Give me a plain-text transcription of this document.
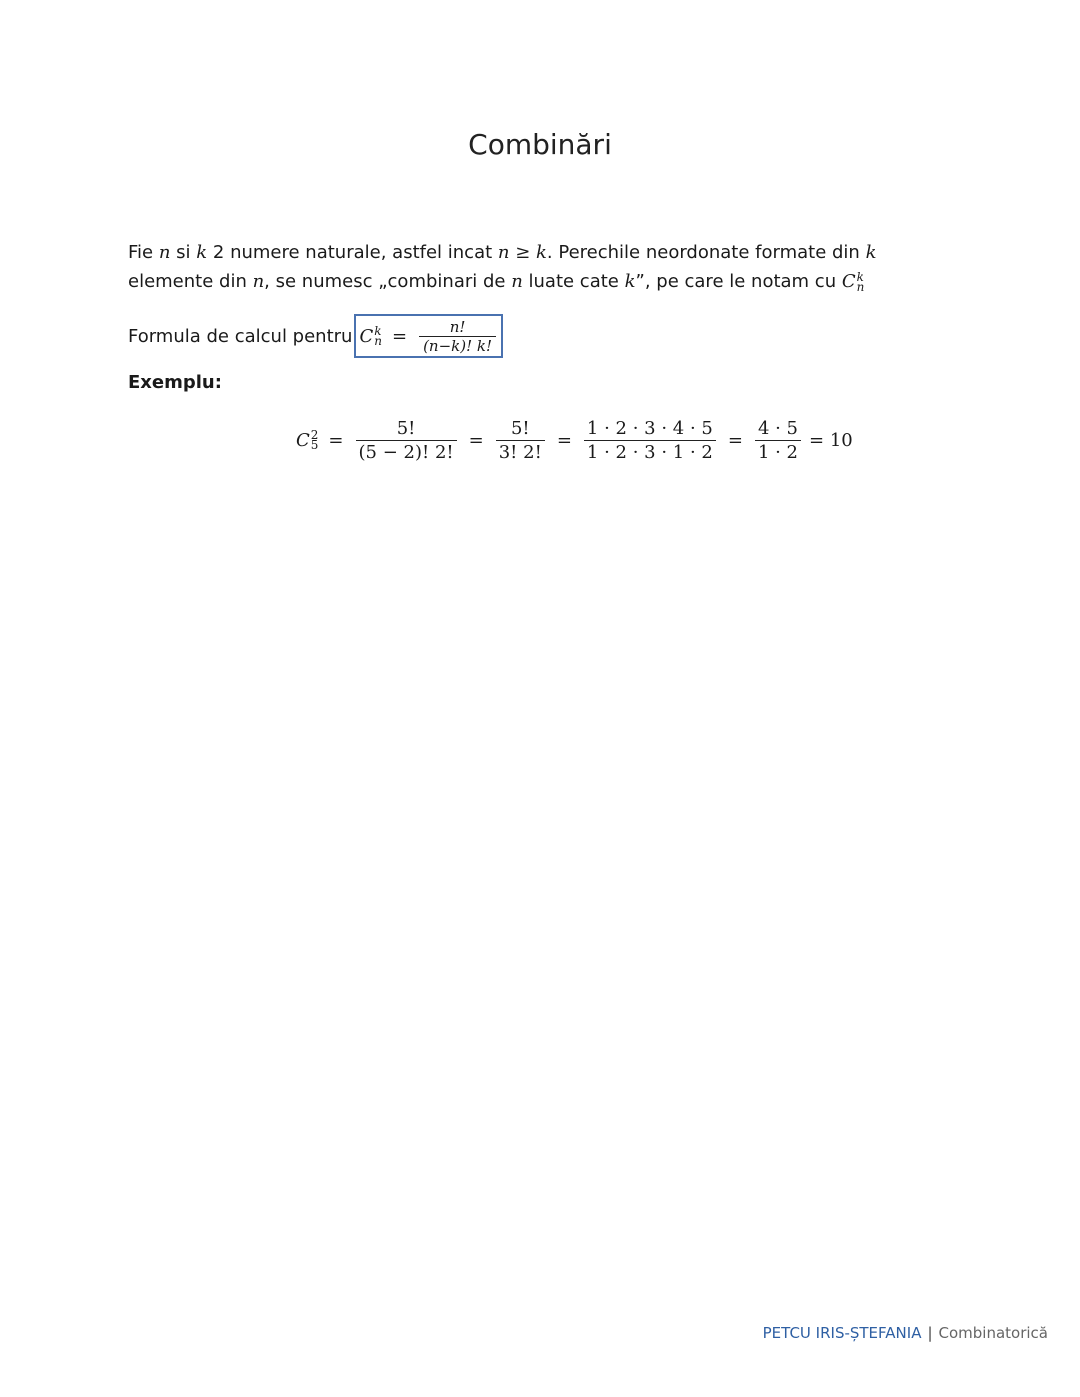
Combinări
Fie n si k 2 numere naturale, astfel incat n ≥ k. Perechile neordonate formate din k elemente din n, se numesc „combinari de n luate cate k”, pe care le notam cu C k
n
Formula de calcul pentru C k
$n = \frac{n!}{(n-k)! k!}$
Exemplu:
C 2
$5 = \frac{5!}{(5 - 2)! 2!} = \frac{5!}{3! 2!} = \frac{1 \cdot 2 \cdot 3 \cdot 4 \cdot 5}{1 \cdot 2 \cdot 3 \cdot 1 \cdot 2} = \frac{4 \cdot 5}{1 \cdot 2} = 10$
PETCU IRIS-ȘTEFANIA | Combinatorică
